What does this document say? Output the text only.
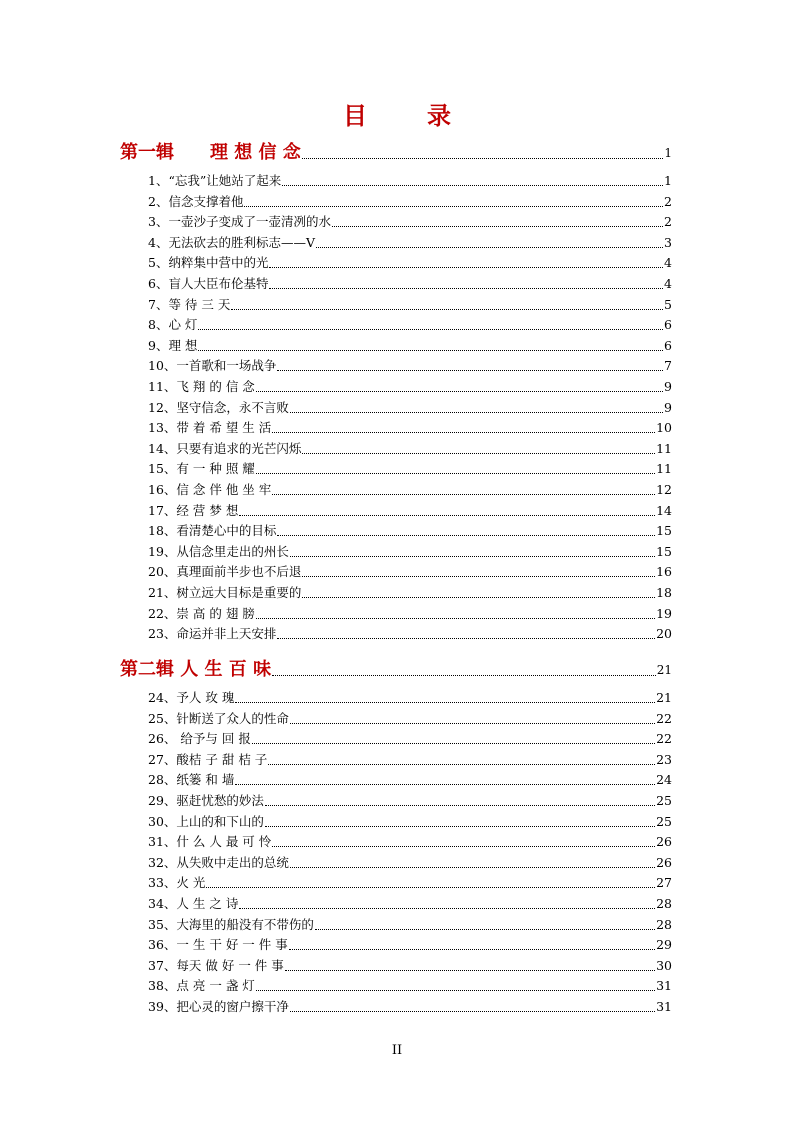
目　录
第一辑　　理 想 信 念	1
1、“忘我”让她站了起来	1
2、信念支撑着他	2
3、一壶沙子变成了一壶清冽的水	2
4、无法砍去的胜利标志——V	3
5、纳粹集中营中的光	4
6、盲人大臣布伦基特	4
7、等 待 三 天	5
8、心 灯	6
9、理 想	6
10、一首歌和一场战争	7
11、飞 翔 的 信 念	9
12、坚守信念，永不言败	9
13、带 着 希 望 生 活	10
14、只要有追求的光芒闪烁	11
15、有 一 种 照 耀	11
16、信 念 伴 他 坐 牢	12
17、经 营 梦 想	14
18、看清楚心中的目标	15
19、从信念里走出的州长	15
20、真理面前半步也不后退	16
21、树立远大目标是重要的	18
22、崇 高 的 翅 膀	19
23、命运并非上天安排	20
第二辑 人 生 百 味	21
24、予人 玫 瑰	21
25、针断送了众人的性命	22
26、 给予与 回 报	22
27、酸桔 子 甜 桔 子	23
28、纸篓 和 墙	24
29、驱赶忧愁的妙法	25
30、上山的和下山的	25
31、什 么 人 最 可 怜	26
32、从失败中走出的总统	26
33、火 光	27
34、人 生 之 诗	28
35、大海里的船没有不带伤的	28
36、一 生 干 好 一 件 事	29
37、每天 做 好 一 件 事	30
38、点 亮 一 盏 灯	31
39、把心灵的窗户擦干净	31
II
